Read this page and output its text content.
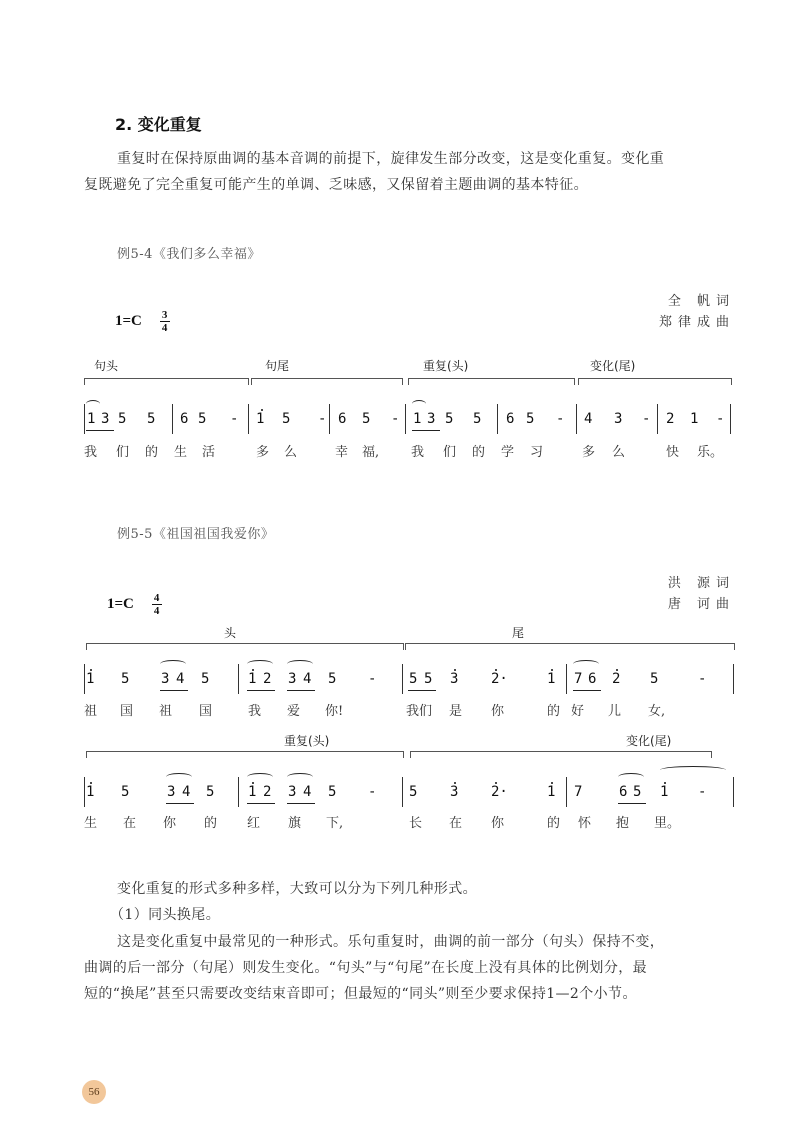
2. 变化重复
重复时在保持原曲调的基本音调的前提下，旋律发生部分改变，这是变化重复。变化重
复既避免了完全重复可能产生的单调、乏味感，又保留着主题曲调的基本特征。
例5-4《我们多么幸福》
全 帆词
郑律成曲
$1=C \frac{3}{4}$
句头	句尾	重复(头)	变化(尾)
1 3 5 5 6 5 - 1 5 - 6 5 - 1 3 5 5 6 5 - 4 3 - 2 1 -
我 们 的 生 活	多 么	幸 福, 我 们 的 学 习	多 么	快 乐。
例5-5《祖国祖国我爱你》
洪 源词
唐 诃曲
$1=C \frac{4}{4}$
头	尾
1 5 3 4 5	1 2 3 4 5 - 5 5 3 2·	1 7 6 2 5	-
祖 国 祖 国	我 爱 你!	我们 是 你	的 好 儿 女,
重复(头)	变化(尾)
1 5	3 4 5 1 2 3 4 5 - 5 3 2·	1 7	6 5 1 -
生 在 你 的 红 旗 下,	长 在 你	的 怀 抱 里。
变化重复的形式多种多样，大致可以分为下列几种形式。
（1）同头换尾。
这是变化重复中最常见的一种形式。乐句重复时，曲调的前一部分（句头）保持不变，
曲调的后一部分（句尾）则发生变化。“句头”与“句尾”在长度上没有具体的比例划分，最
短的“换尾”甚至只需要改变结束音即可；但最短的“同头”则至少要求保持1—2个小节。
56
